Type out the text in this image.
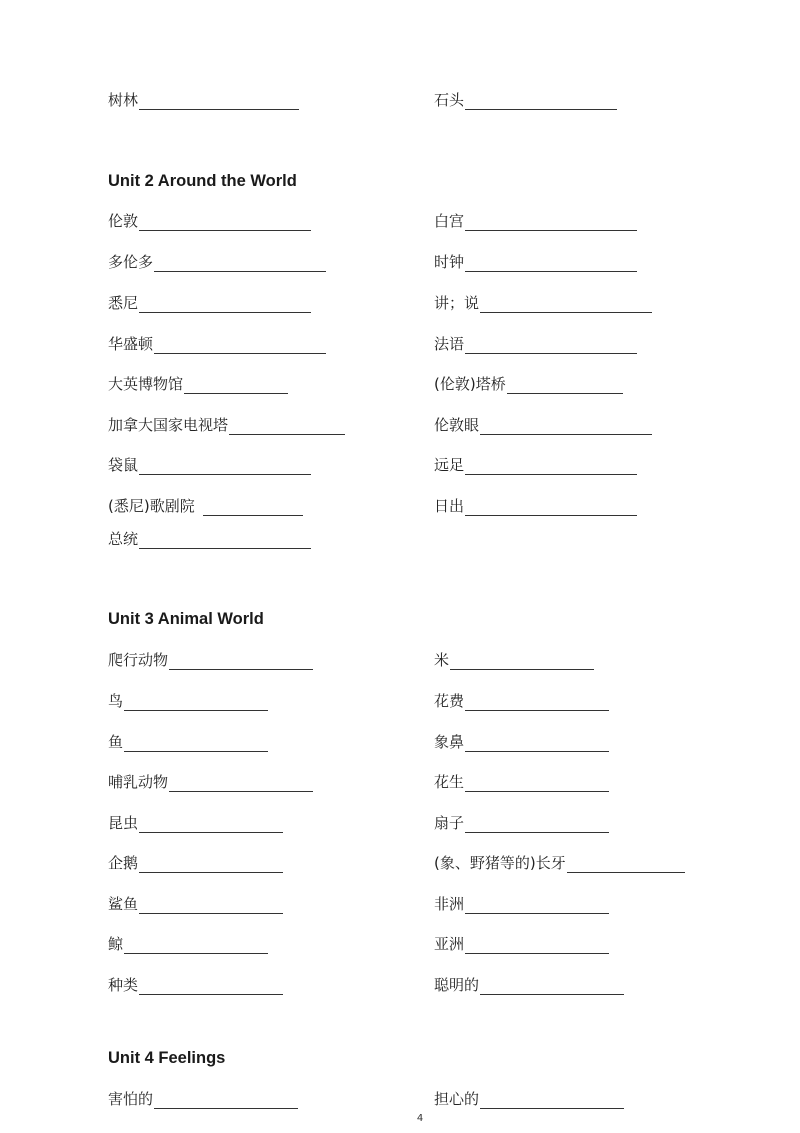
树林	石头
Unit 2 Around the World
伦敦	白宫
多伦多	时钟
悉尼	讲；说
华盛顿	法语
大英博物馆	(伦敦)塔桥
加拿大国家电视塔	伦敦眼
袋鼠	远足
(悉尼)歌剧院	日出
总统
Unit 3 Animal World
爬行动物	米
鸟	花费
鱼	象鼻
哺乳动物	花生
昆虫	扇子
企鹅	(象、野猪等的)长牙
鲨鱼	非洲
鲸	亚洲
种类	聪明的
Unit 4 Feelings
害怕的	担心的
4
